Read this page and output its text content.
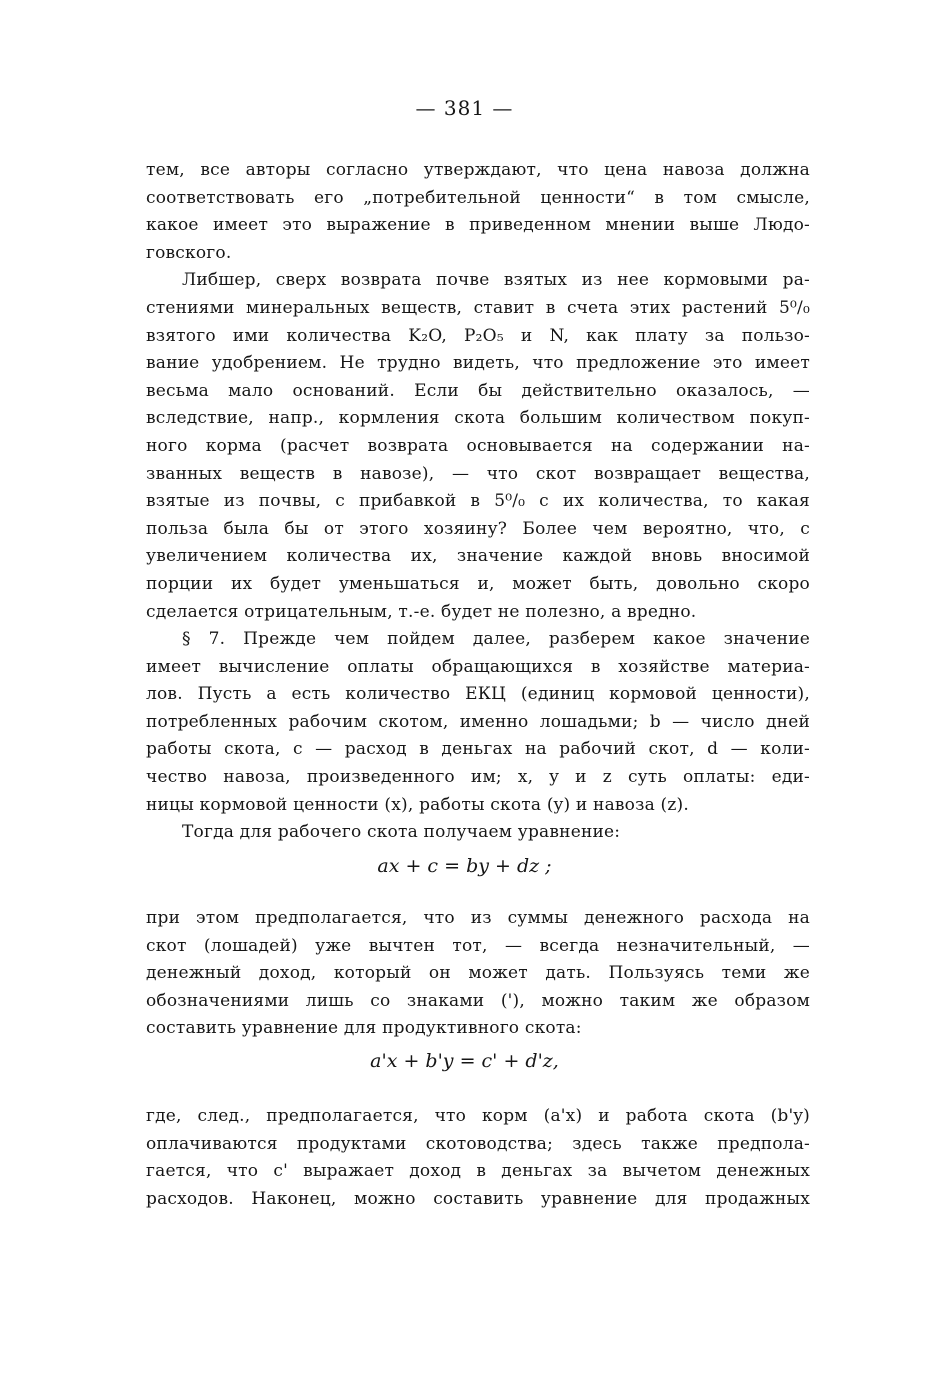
— 381 —
тем, все авторы согласно утверждают, что цена навоза должна
соответствовать его „потребительной ценности“ в том смысле,
какое имеет это выражение в приведенном мнении выше Людо-
говского.
Либшер, сверх возврата почве взятых из нее кормовыми ра-
стениями минеральных веществ, ставит в счета этих растений 5⁰/₀
взятого ими количества K₂O, P₂O₅ и N, как плату за пользо-
вание удобрением. Не трудно видеть, что предложение это имеет
весьма мало оснований. Если бы действительно оказалось, —
вследствие, напр., кормления скота большим количеством покуп-
ного корма (расчет возврата основывается на содержании на-
званных веществ в навозе), — что скот возвращает вещества,
взятые из почвы, с прибавкой в 5⁰/₀ с их количества, то какая
польза была бы от этого хозяину? Более чем вероятно, что, с
увеличением количества их, значение каждой вновь вносимой
порции их будет уменьшаться и, может быть, довольно скоро
сделается отрицательным, т.-е. будет не полезно, а вредно.
§ 7. Прежде чем пойдем далее, разберем какое значение
имеет вычисление оплаты обращающихся в хозяйстве материа-
лов. Пусть a есть количество ЕКЦ (единиц кормовой ценности),
потребленных рабочим скотом, именно лошадьми; b — число дней
работы скота, c — расход в деньгах на рабочий скот, d — коли-
чество навоза, произведенного им; x, y и z суть оплаты: еди-
ницы кормовой ценности (x), работы скота (y) и навоза (z).
Тогда для рабочего скота получаем уравнение:
ax + c = by + dz ;
при этом предполагается, что из суммы денежного расхода на
скот (лошадей) уже вычтен тот, — всегда незначительный, —
денежный доход, который он может дать. Пользуясь теми же
обозначениями лишь со знаками ('), можно таким же образом
составить уравнение для продуктивного скота:
a'x + b'y = c' + d'z,
где, след., предполагается, что корм (a'x) и работа скота (b'y)
оплачиваются продуктами скотоводства; здесь также предпола-
гается, что c' выражает доход в деньгах за вычетом денежных
расходов. Наконец, можно составить уравнение для продажных
